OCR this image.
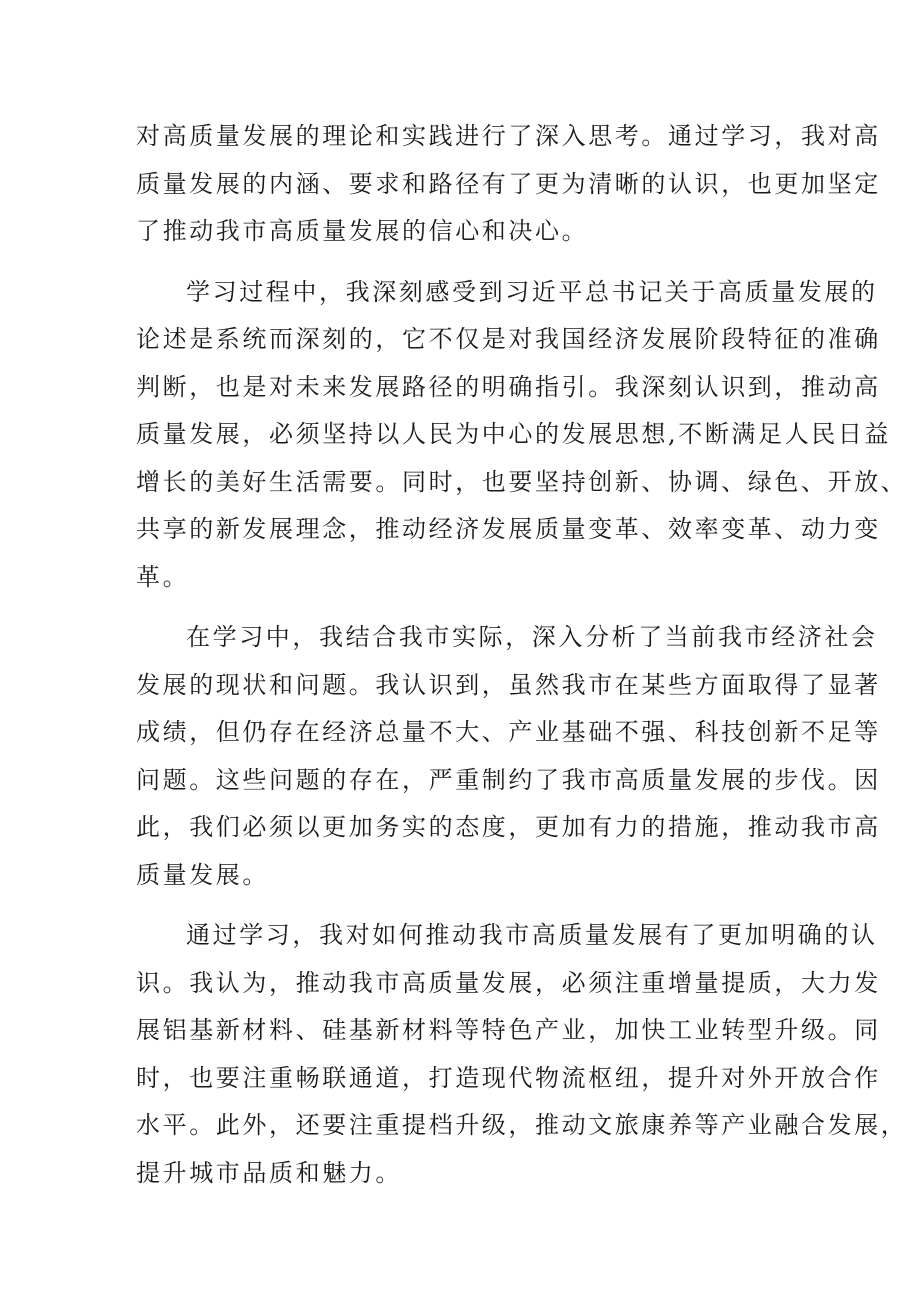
对高质量发展的理论和实践进行了深入思考。通过学习，我对高
质量发展的内涵、要求和路径有了更为清晰的认识，也更加坚定
了推动我市高质量发展的信心和决心。

学习过程中，我深刻感受到习近平总书记关于高质量发展的
论述是系统而深刻的，它不仅是对我国经济发展阶段特征的准确
判断，也是对未来发展路径的明确指引。我深刻认识到，推动高
质量发展，必须坚持以人民为中心的发展思想,不断满足人民日益
增长的美好生活需要。同时，也要坚持创新、协调、绿色、开放、
共享的新发展理念，推动经济发展质量变革、效率变革、动力变
革。

在学习中，我结合我市实际，深入分析了当前我市经济社会
发展的现状和问题。我认识到，虽然我市在某些方面取得了显著
成绩，但仍存在经济总量不大、产业基础不强、科技创新不足等
问题。这些问题的存在，严重制约了我市高质量发展的步伐。因
此，我们必须以更加务实的态度，更加有力的措施，推动我市高
质量发展。

通过学习，我对如何推动我市高质量发展有了更加明确的认
识。我认为，推动我市高质量发展，必须注重增量提质，大力发
展铝基新材料、硅基新材料等特色产业，加快工业转型升级。同
时，也要注重畅联通道，打造现代物流枢纽，提升对外开放合作
水平。此外，还要注重提档升级，推动文旅康养等产业融合发展，
提升城市品质和魅力。
